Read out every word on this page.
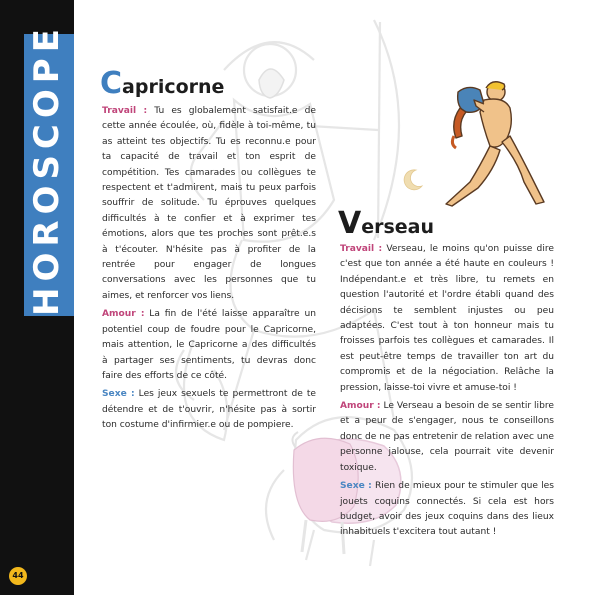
HOROSCOPE
44
Capricorne

Travail : Tu es globalement satisfait.e de cette année écoulée, où, fidèle à toi-même, tu as atteint tes objectifs. Tu es reconnu.e pour ta capacité de travail et ton esprit de compétition. Tes camarades ou collègues te respectent et t'admirent, mais tu peux parfois souffrir de solitude. Tu éprouves quelques difficultés à te confier et à exprimer tes émotions, alors que tes proches sont prêt.e.s à t'écouter. N'hésite pas à profiter de la rentrée pour engager de longues conversations avec les personnes que tu aimes, et renforcer vos liens.

Amour : La fin de l'été laisse apparaître un potentiel coup de foudre pour le Capricorne, mais attention, le Capricorne a des difficultés à partager ses sentiments, tu devras donc faire des efforts de ce côté.

Sexe : Les jeux sexuels te permettront de te détendre et de t'ouvrir, n'hésite pas à sortir ton costume d'infirmier.e ou de pompiere.

Verseau

Travail : Verseau, le moins qu'on puisse dire c'est que ton année a été haute en couleurs ! Indépendant.e et très libre, tu remets en question l'autorité et l'ordre établi quand des décisions te semblent injustes ou peu adaptées. C'est tout à ton honneur mais tu froisses parfois tes collègues et camarades. Il est peut-être temps de travailler ton art du compromis et de la négociation. Relâche la pression, laisse-toi vivre et amuse-toi !

Amour : Le Verseau a besoin de se sentir libre et a peur de s'engager, nous te conseillons donc de ne pas entretenir de relation avec une personne jalouse, cela pourrait vite devenir toxique.

Sexe : Rien de mieux pour te stimuler que les jouets coquins connectés. Si cela est hors budget, avoir des jeux coquins dans des lieux inhabituels t'excitera tout autant !
